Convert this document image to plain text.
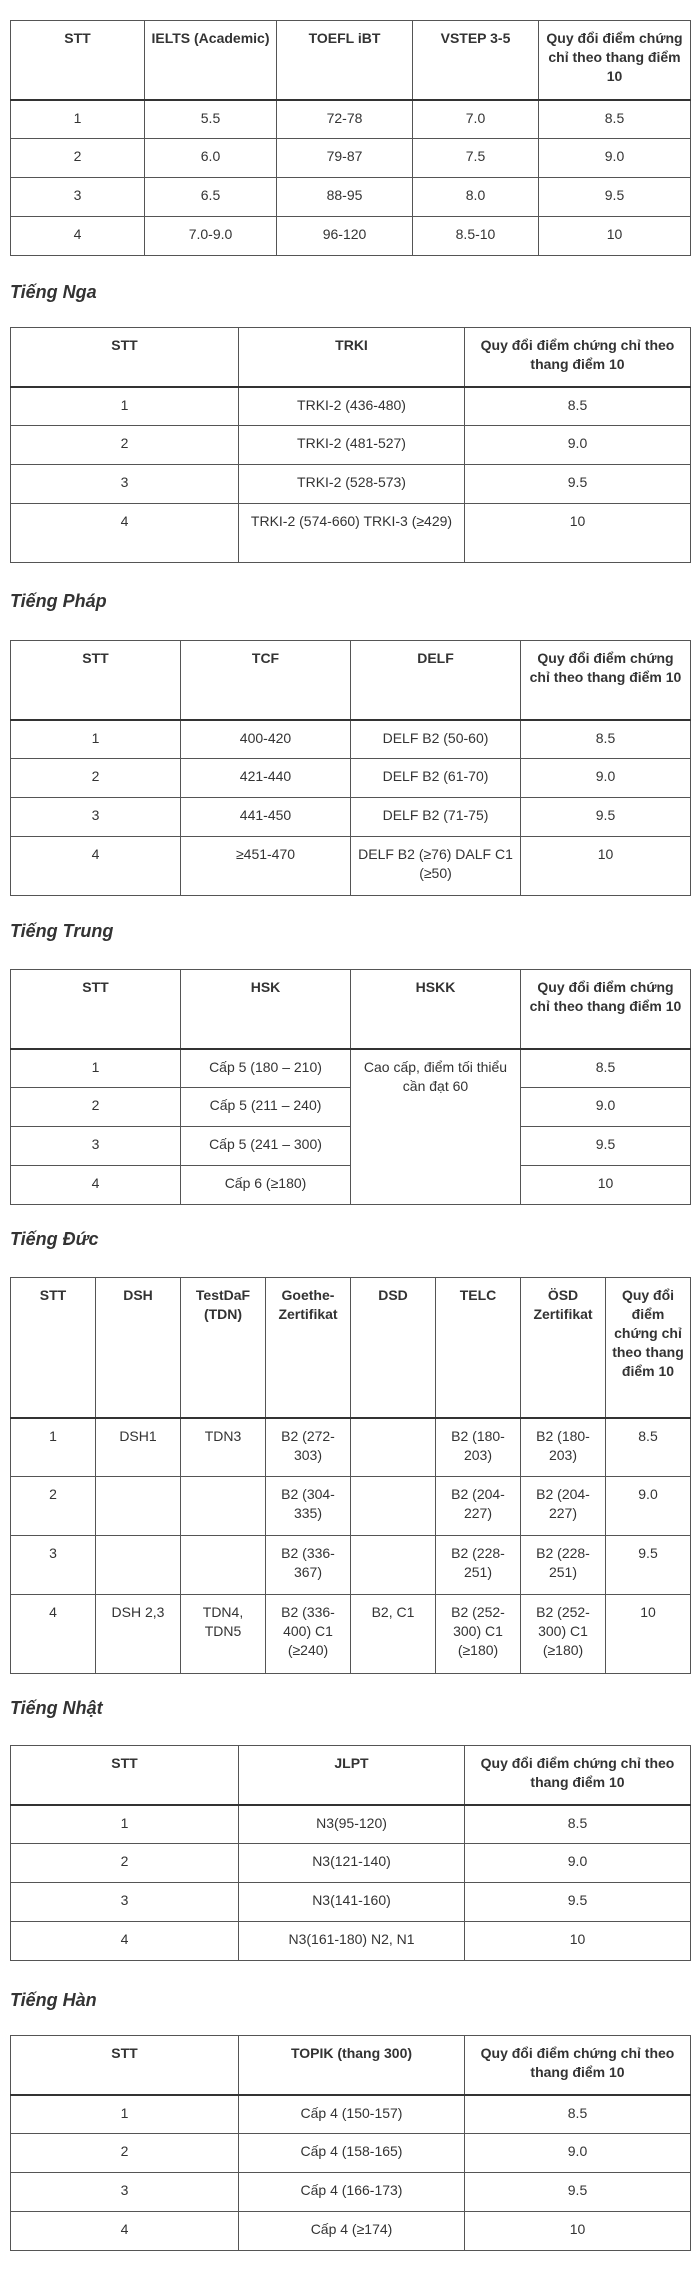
STT	IELTS (Academic)	TOEFL iBT	VSTEP 3-5	Quy đổi điểm chứng chỉ theo thang điểm 10
1	5.5	72-78	7.0	8.5
2	6.0	79-87	7.5	9.0
3	6.5	88-95	8.0	9.5
4	7.0-9.0	96-120	8.5-10	10
Tiếng Nga
STT	TRKI	Quy đổi điểm chứng chỉ theo thang điểm 10
1	TRKI-2 (436-480)	8.5
2	TRKI-2 (481-527)	9.0
3	TRKI-2 (528-573)	9.5
4	TRKI-2 (574-660) TRKI-3 (≥429)	10
Tiếng Pháp
STT	TCF	DELF	Quy đổi điểm chứng chỉ theo thang điểm 10
1	400-420	DELF B2 (50-60)	8.5
2	421-440	DELF B2 (61-70)	9.0
3	441-450	DELF B2 (71-75)	9.5
4	≥451-470	DELF B2 (≥76) DALF C1 (≥50)	10
Tiếng Trung
STT	HSK	HSKK	Quy đổi điểm chứng chỉ theo thang điểm 10
1	Cấp 5 (180 – 210)	Cao cấp, điểm tối thiểu cần đạt 60	8.5
2	Cấp 5 (211 – 240)		9.0
3	Cấp 5 (241 – 300)		9.5
4	Cấp 6 (≥180)		10
Tiếng Đức
STT	DSH	TestDaF (TDN)	Goethe-Zertifikat	DSD	TELC	ÖSD Zertifikat	Quy đổi điểm chứng chỉ theo thang điểm 10
1	DSH1	TDN3	B2 (272-303)		B2 (180-203)	B2 (180-203)	8.5
2			B2 (304-335)		B2 (204-227)	B2 (204-227)	9.0
3			B2 (336-367)		B2 (228-251)	B2 (228-251)	9.5
4	DSH 2,3	TDN4, TDN5	B2 (336-400) C1 (≥240)	B2, C1	B2 (252-300) C1 (≥180)	B2 (252-300) C1 (≥180)	10
Tiếng Nhật
STT	JLPT	Quy đổi điểm chứng chỉ theo thang điểm 10
1	N3(95-120)	8.5
2	N3(121-140)	9.0
3	N3(141-160)	9.5
4	N3(161-180) N2, N1	10
Tiếng Hàn
STT	TOPIK (thang 300)	Quy đổi điểm chứng chỉ theo thang điểm 10
1	Cấp 4 (150-157)	8.5
2	Cấp 4 (158-165)	9.0
3	Cấp 4 (166-173)	9.5
4	Cấp 4 (≥174)	10
